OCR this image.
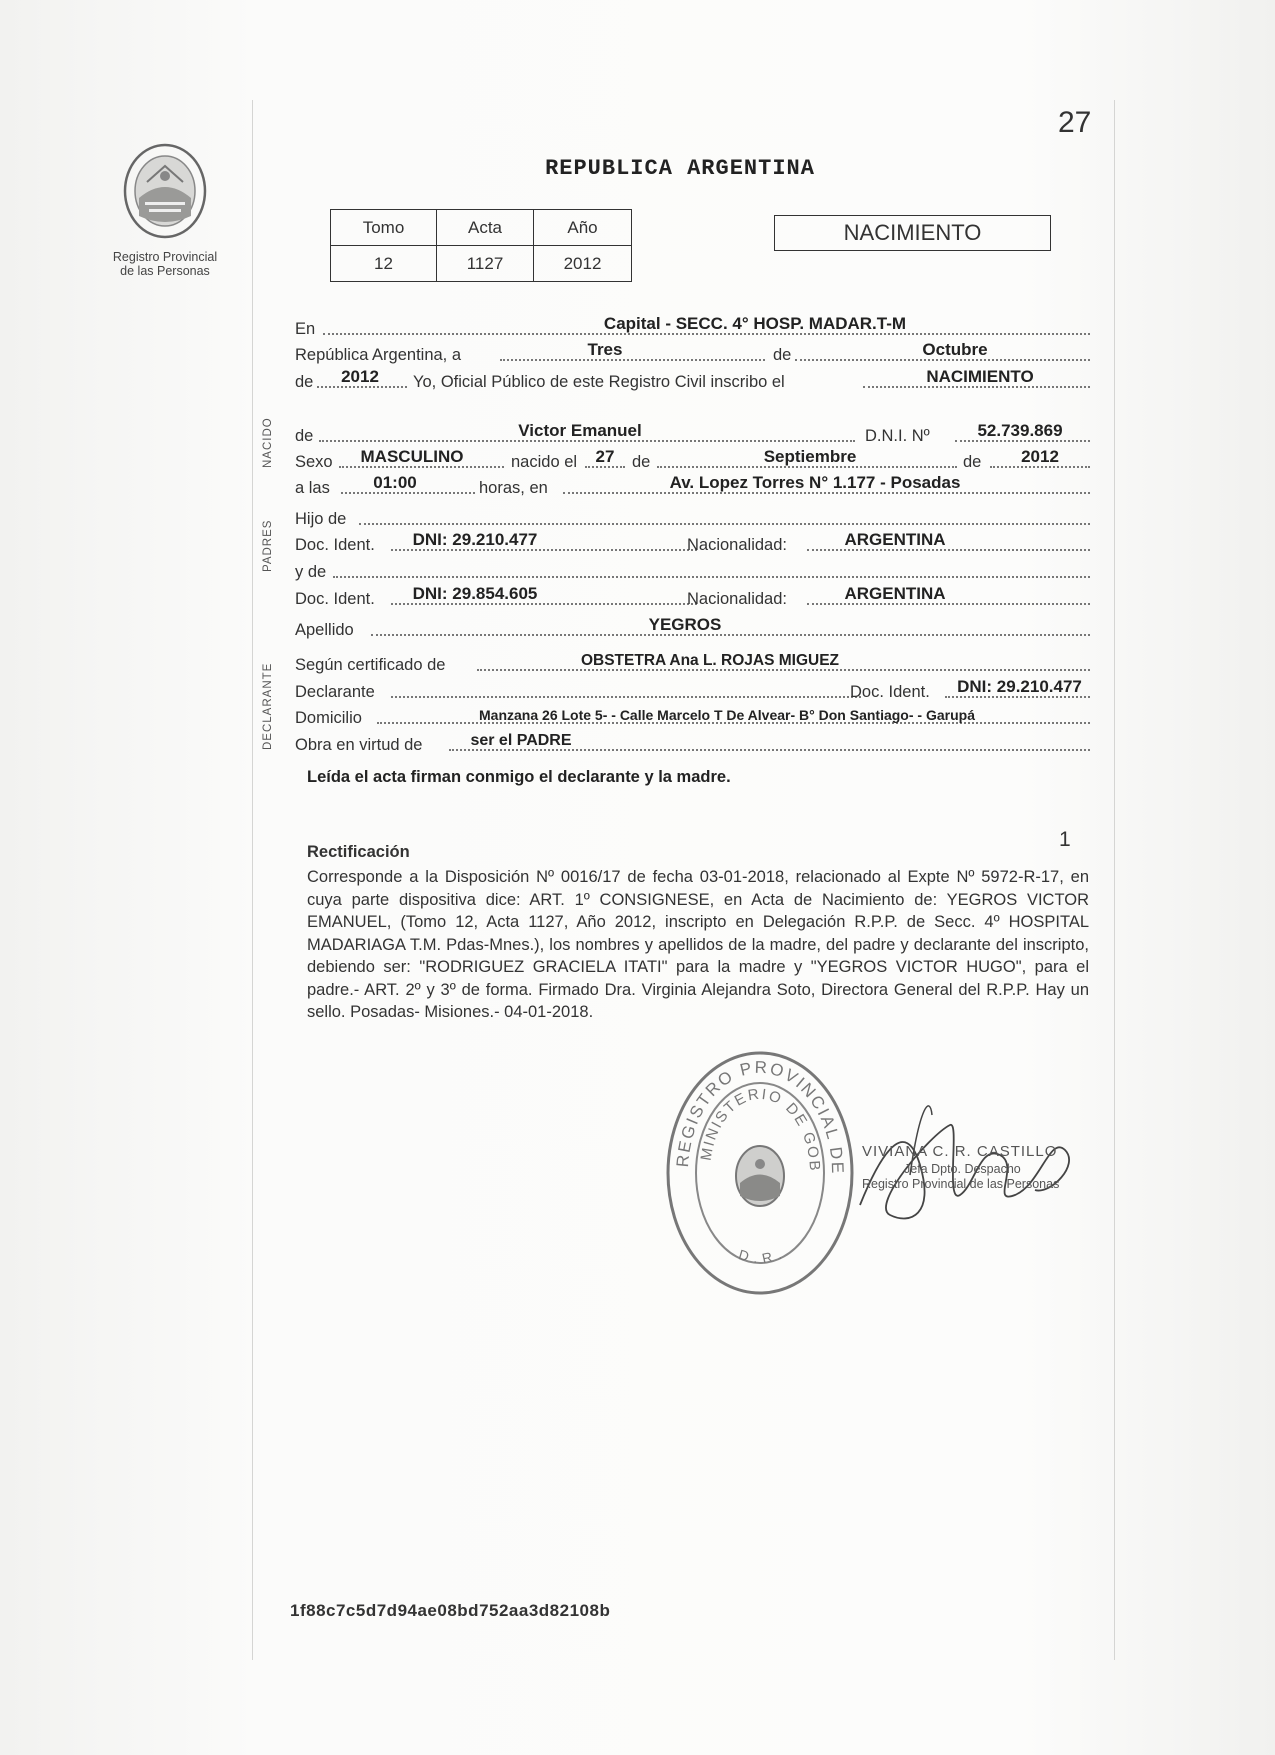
27
Registro Provincial
de las Personas
REPUBLICA ARGENTINA
Tomo	Acta	Año
12	1127	2012
NACIMIENTO
NACIDO
PADRES
DECLARANTE
En	Capital - SECC. 4° HOSP. MADAR.T-M
República Argentina, a	Tres	de	Octubre
de	2012	Yo, Oficial Público de este Registro Civil inscribo el	NACIMIENTO
de	Victor Emanuel	D.N.I. Nº	52.739.869
Sexo	MASCULINO	nacido el	27	de	Septiembre	de	2012
a las	01:00	horas, en	Av. Lopez Torres N° 1.177 - Posadas
Hijo de
Doc. Ident.	DNI: 29.210.477	Nacionalidad:	ARGENTINA
y de
Doc. Ident.	DNI: 29.854.605	Nacionalidad:	ARGENTINA
Apellido	YEGROS
Según certificado de	OBSTETRA Ana L. ROJAS MIGUEZ
Declarante	Doc. Ident.	DNI: 29.210.477
Domicilio	Manzana 26 Lote 5- - Calle Marcelo T De Alvear- B° Don Santiago- - Garupá
Obra en virtud de	ser el PADRE
Leída el acta firman conmigo el declarante y la madre.
Rectificación
1
Corresponde a la Disposición Nº 0016/17 de fecha 03-01-2018, relacionado al Expte Nº 5972-R-17, en cuya parte dispositiva dice: ART. 1º CONSIGNESE, en Acta de Nacimiento de: YEGROS VICTOR EMANUEL, (Tomo 12, Acta 1127, Año 2012, inscripto en Delegación R.P.P. de Secc. 4º HOSPITAL MADARIAGA T.M. Pdas-Mnes.), los nombres y apellidos de la madre, del padre y declarante del inscripto, debiendo ser: "RODRIGUEZ GRACIELA ITATI" para la madre y "YEGROS VICTOR HUGO", para el padre.- ART. 2º y 3º de forma. Firmado Dra. Virginia Alejandra Soto, Directora General del R.P.P. Hay un sello. Posadas- Misiones.- 04-01-2018.
REGISTRO PROVINCIAL DE
MINISTERIO DE GOB
D.R.
VIVIANA C. R. CASTILLO
Jefa Dpto. Despacho
Registro Provincial de las Personas
1f88c7c5d7d94ae08bd752aa3d82108b
